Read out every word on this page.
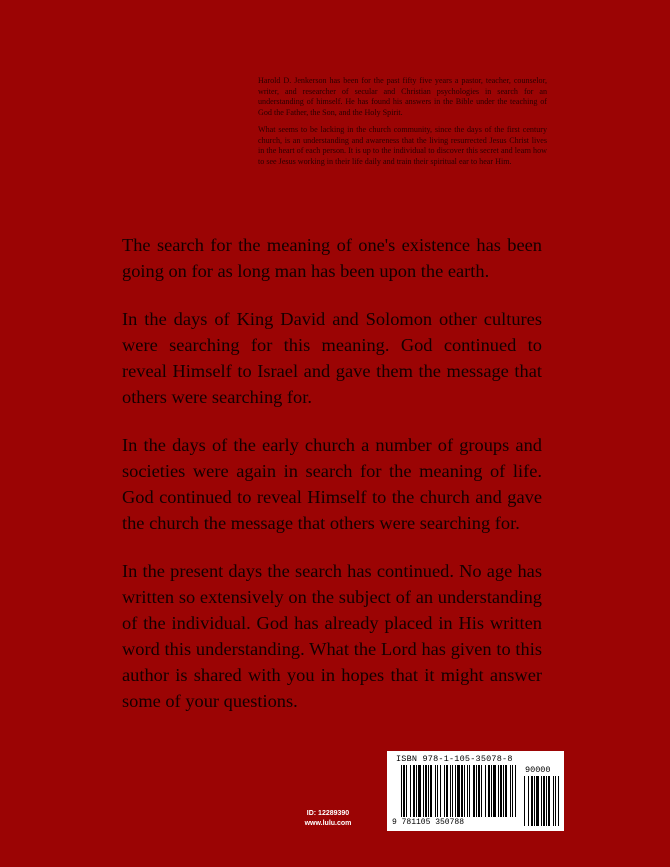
Harold D. Jenkerson has been for the past fifty five years a pastor, teacher, counselor, writer, and researcher of secular and Christian psychologies in search for an understanding of himself. He has found his answers in the Bible under the teaching of God the Father, the Son, and the Holy Spirit.

What seems to be lacking in the church community, since the days of the first century church, is an understanding and awareness that the living resurrected Jesus Christ lives in the heart of each person. It is up to the individual to discover this secret and learn how to see Jesus working in their life daily and train their spiritual ear to hear Him.

The search for the meaning of one's existence has been going on for as long man has been upon the earth.

In the days of King David and Solomon other cultures were searching for this meaning. God continued to reveal Himself to Israel and gave them the message that others were searching for.

In the days of the early church a number of groups and societies were again in search for the meaning of life. God continued to reveal Himself to the church and gave the church the message that others were searching for.

In the present days the search has continued. No age has written so extensively on the subject of an understanding of the individual. God has already placed in His written word this understanding. What the Lord has given to this author is shared with you in hopes that it might answer some of your questions.

ID: 12289390
www.lulu.com
ISBN 978-1-105-35078-8
90000
9 781105 350788
